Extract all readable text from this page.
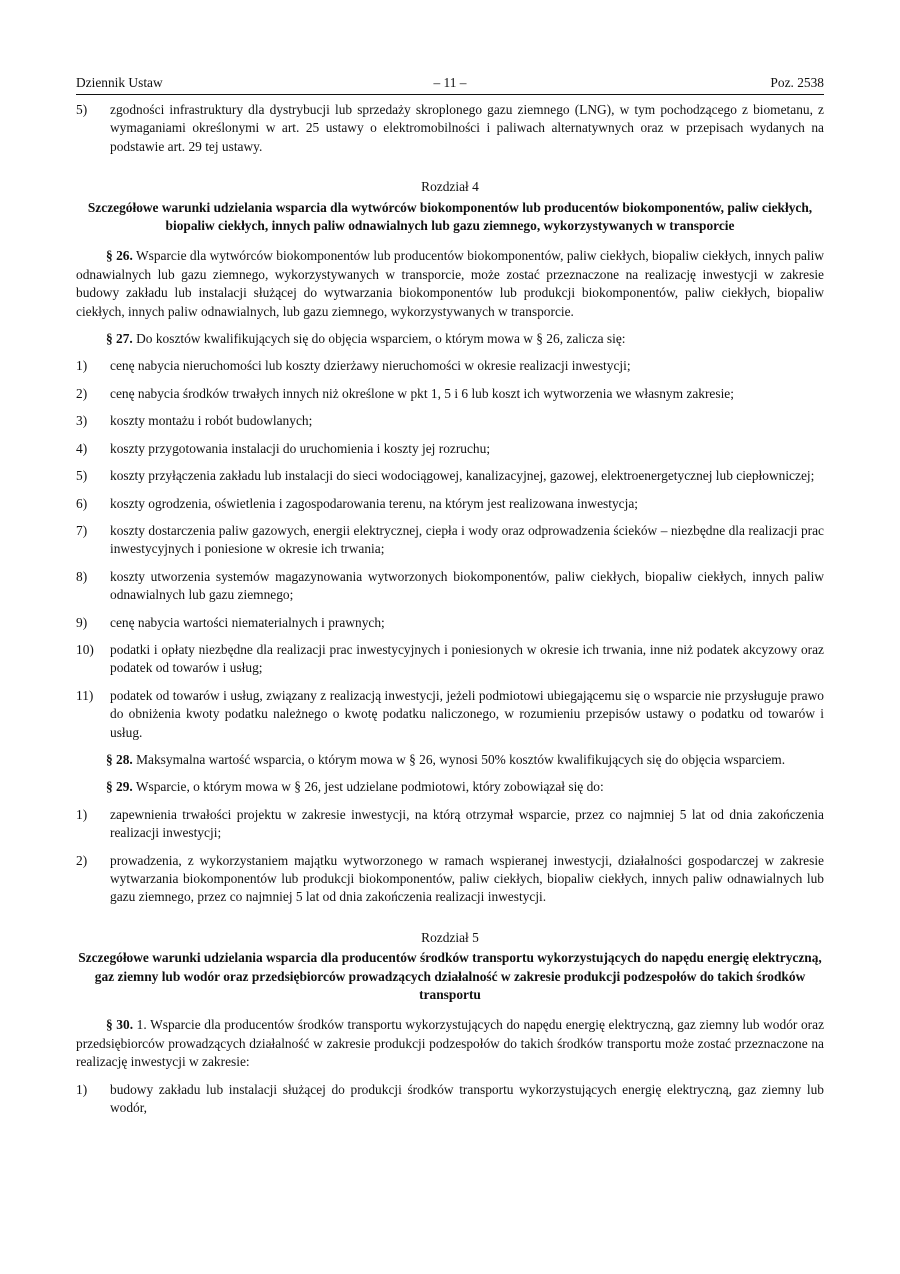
Dziennik Ustaw	– 11 –	Poz. 2538
5) zgodności infrastruktury dla dystrybucji lub sprzedaży skroplonego gazu ziemnego (LNG), w tym pochodzącego z biometanu, z wymaganiami określonymi w art. 25 ustawy o elektromobilności i paliwach alternatywnych oraz w przepisach wydanych na podstawie art. 29 tej ustawy.
Rozdział 4
Szczegółowe warunki udzielania wsparcia dla wytwórców biokomponentów lub producentów biokomponentów, paliw ciekłych, biopaliw ciekłych, innych paliw odnawialnych lub gazu ziemnego, wykorzystywanych w transporcie
§ 26. Wsparcie dla wytwórców biokomponentów lub producentów biokomponentów, paliw ciekłych, biopaliw ciekłych, innych paliw odnawialnych lub gazu ziemnego, wykorzystywanych w transporcie, może zostać przeznaczone na realizację inwestycji w zakresie budowy zakładu lub instalacji służącej do wytwarzania biokomponentów lub produkcji biokomponentów, paliw ciekłych, biopaliw ciekłych, innych paliw odnawialnych, lub gazu ziemnego, wykorzystywanych w transporcie.
§ 27. Do kosztów kwalifikujących się do objęcia wsparciem, o którym mowa w § 26, zalicza się:
1) cenę nabycia nieruchomości lub koszty dzierżawy nieruchomości w okresie realizacji inwestycji;
2) cenę nabycia środków trwałych innych niż określone w pkt 1, 5 i 6 lub koszt ich wytworzenia we własnym zakresie;
3) koszty montażu i robót budowlanych;
4) koszty przygotowania instalacji do uruchomienia i koszty jej rozruchu;
5) koszty przyłączenia zakładu lub instalacji do sieci wodociągowej, kanalizacyjnej, gazowej, elektroenergetycznej lub ciepłowniczej;
6) koszty ogrodzenia, oświetlenia i zagospodarowania terenu, na którym jest realizowana inwestycja;
7) koszty dostarczenia paliw gazowych, energii elektrycznej, ciepła i wody oraz odprowadzenia ścieków – niezbędne dla realizacji prac inwestycyjnych i poniesione w okresie ich trwania;
8) koszty utworzenia systemów magazynowania wytworzonych biokomponentów, paliw ciekłych, biopaliw ciekłych, innych paliw odnawialnych lub gazu ziemnego;
9) cenę nabycia wartości niematerialnych i prawnych;
10) podatki i opłaty niezbędne dla realizacji prac inwestycyjnych i poniesionych w okresie ich trwania, inne niż podatek akcyzowy oraz podatek od towarów i usług;
11) podatek od towarów i usług, związany z realizacją inwestycji, jeżeli podmiotowi ubiegającemu się o wsparcie nie przysługuje prawo do obniżenia kwoty podatku należnego o kwotę podatku naliczonego, w rozumieniu przepisów ustawy o podatku od towarów i usług.
§ 28. Maksymalna wartość wsparcia, o którym mowa w § 26, wynosi 50% kosztów kwalifikujących się do objęcia wsparciem.
§ 29. Wsparcie, o którym mowa w § 26, jest udzielane podmiotowi, który zobowiązał się do:
1) zapewnienia trwałości projektu w zakresie inwestycji, na którą otrzymał wsparcie, przez co najmniej 5 lat od dnia zakończenia realizacji inwestycji;
2) prowadzenia, z wykorzystaniem majątku wytworzonego w ramach wspieranej inwestycji, działalności gospodarczej w zakresie wytwarzania biokomponentów lub produkcji biokomponentów, paliw ciekłych, biopaliw ciekłych, innych paliw odnawialnych lub gazu ziemnego, przez co najmniej 5 lat od dnia zakończenia realizacji inwestycji.
Rozdział 5
Szczegółowe warunki udzielania wsparcia dla producentów środków transportu wykorzystujących do napędu energię elektryczną, gaz ziemny lub wodór oraz przedsiębiorców prowadzących działalność w zakresie produkcji podzespołów do takich środków transportu
§ 30. 1. Wsparcie dla producentów środków transportu wykorzystujących do napędu energię elektryczną, gaz ziemny lub wodór oraz przedsiębiorców prowadzących działalność w zakresie produkcji podzespołów do takich środków transportu może zostać przeznaczone na realizację inwestycji w zakresie:
1) budowy zakładu lub instalacji służącej do produkcji środków transportu wykorzystujących energię elektryczną, gaz ziemny lub wodór,
